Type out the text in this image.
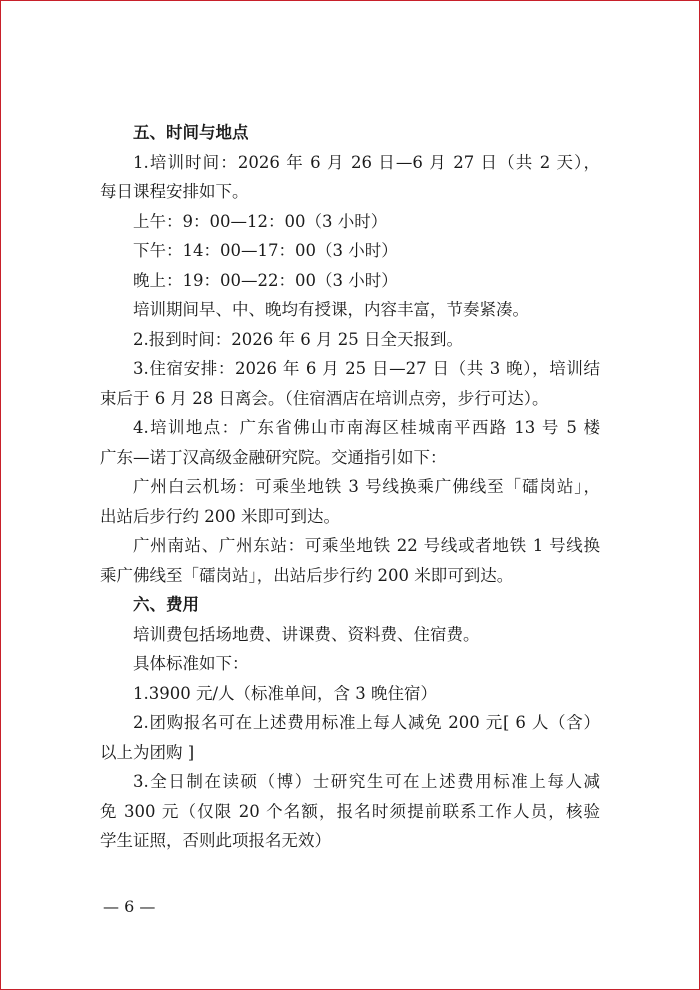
五、时间与地点
1.培训时间：2026 年 6 月 26 日—6 月 27 日（共 2 天），
每日课程安排如下。
上午：9：00—12：00（3 小时）
下午：14：00—17：00（3 小时）
晚上：19：00—22：00（3 小时）
培训期间早、中、晚均有授课，内容丰富，节奏紧凑。
2.报到时间：2026 年 6 月 25 日全天报到。
3.住宿安排：2026 年 6 月 25 日—27 日（共 3 晚），培训结
束后于 6 月 28 日离会。（住宿酒店在培训点旁，步行可达）。
4.培训地点：广东省佛山市南海区桂城南平西路 13 号 5 楼
广东—诺丁汉高级金融研究院。交通指引如下：
广州白云机场：可乘坐地铁 3 号线换乘广佛线至「礌岗站」，
出站后步行约 200 米即可到达。
广州南站、广州东站：可乘坐地铁 22 号线或者地铁 1 号线换
乘广佛线至「礌岗站」，出站后步行约 200 米即可到达。
六、费用
培训费包括场地费、讲课费、资料费、住宿费。
具体标准如下：
1.3900 元/人（标准单间，含 3 晚住宿）
2.团购报名可在上述费用标准上每人减免 200 元[ 6 人（含）
以上为团购 ]
3.全日制在读硕（博）士研究生可在上述费用标准上每人减
免 300 元（仅限 20 个名额，报名时须提前联系工作人员，核验
学生证照，否则此项报名无效）
— 6 —
